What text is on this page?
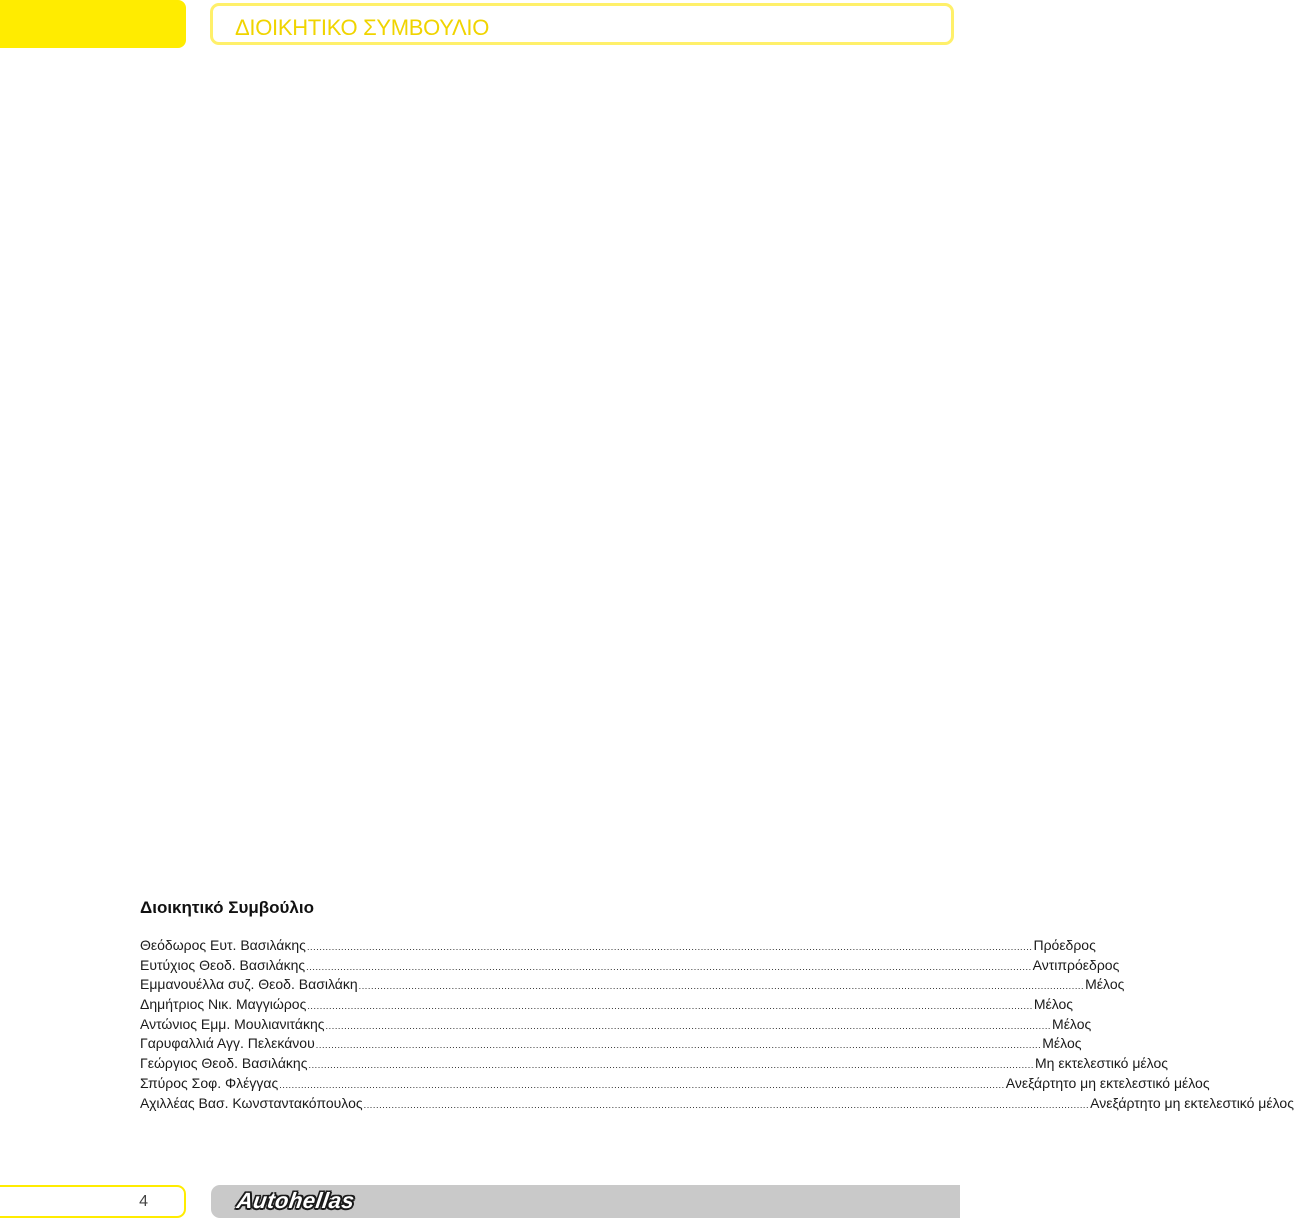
ΔΙΟΙΚΗΤΙΚΟ ΣΥΜΒΟΥΛΙΟ
Διοικητικό Συμβούλιο
Θεόδωρος Ευτ. Βασιλάκης .......................................................................................................................................................................................................................................... Πρόεδρος
Ευτύχιος Θεοδ. Βασιλάκης .......................................................................................................................................................................................................................................... Αντιπρόεδρος
Εμμανουέλλα συζ. Θεοδ. Βασιλάκη .......................................................................................................................................................................................................................................... Μέλος
Δημήτριος Νικ. Μαγγιώρος .......................................................................................................................................................................................................................................... Μέλος
Αντώνιος Εμμ. Μουλιανιτάκης .......................................................................................................................................................................................................................................... Μέλος
Γαρυφαλλιά Αγγ. Πελεκάνου .......................................................................................................................................................................................................................................... Μέλος
Γεώργιος Θεοδ. Βασιλάκης .......................................................................................................................................................................................................................................... Μη εκτελεστικό μέλος
Σπύρος Σοφ. Φλέγγας .......................................................................................................................................................................................................................................... Ανεξάρτητο μη εκτελεστικό μέλος
Αχιλλέας Βασ. Κωνσταντακόπουλος .......................................................................................................................................................................................................................................... Ανεξάρτητο μη εκτελεστικό μέλος
4	Autohellas
